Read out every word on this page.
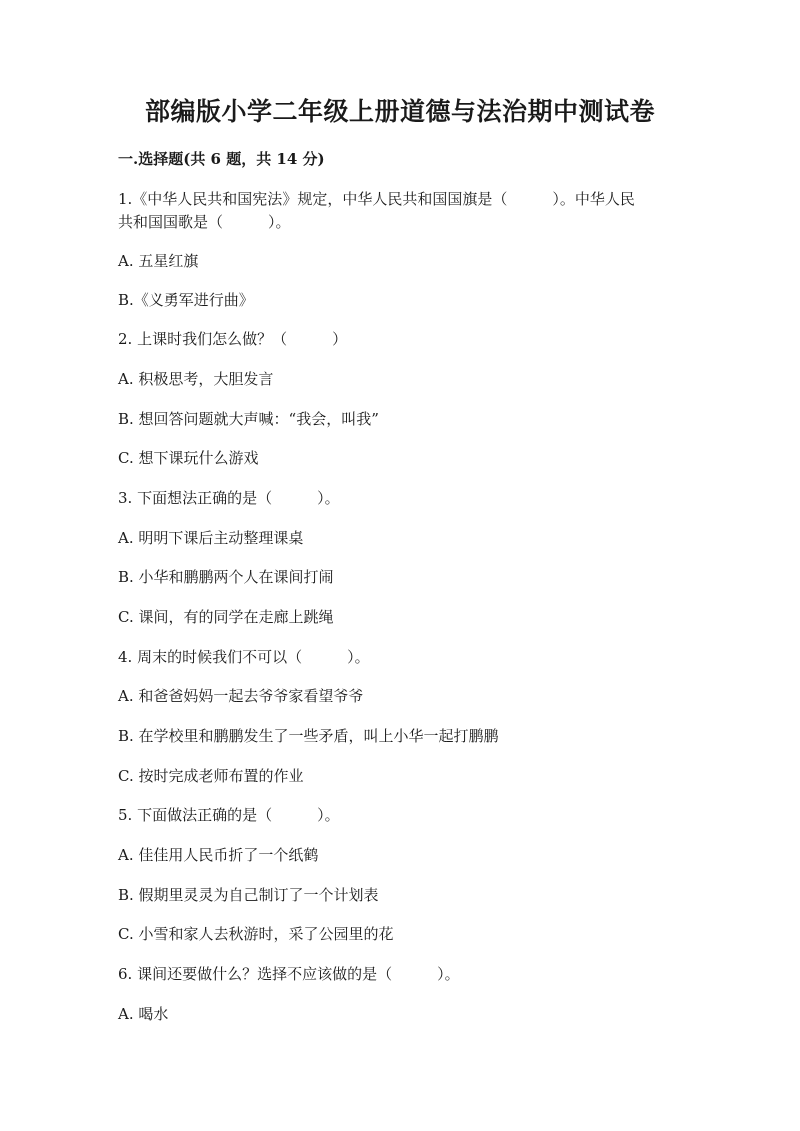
部编版小学二年级上册道德与法治期中测试卷
一.选择题(共 6 题，共 14 分)
1.《中华人民共和国宪法》规定，中华人民共和国国旗是（　　　）。中华人民
共和国国歌是（　　　）。
A. 五星红旗
B.《义勇军进行曲》
2. 上课时我们怎么做？（　　　）
A. 积极思考，大胆发言
B. 想回答问题就大声喊：“我会，叫我”
C. 想下课玩什么游戏
3. 下面想法正确的是（　　　）。
A. 明明下课后主动整理课桌
B. 小华和鹏鹏两个人在课间打闹
C. 课间，有的同学在走廊上跳绳
4. 周末的时候我们不可以（　　　）。
A. 和爸爸妈妈一起去爷爷家看望爷爷
B. 在学校里和鹏鹏发生了一些矛盾，叫上小华一起打鹏鹏
C. 按时完成老师布置的作业
5. 下面做法正确的是（　　　）。
A. 佳佳用人民币折了一个纸鹤
B. 假期里灵灵为自己制订了一个计划表
C. 小雪和家人去秋游时，采了公园里的花
6. 课间还要做什么？选择不应该做的是（　　　）。
A. 喝水
